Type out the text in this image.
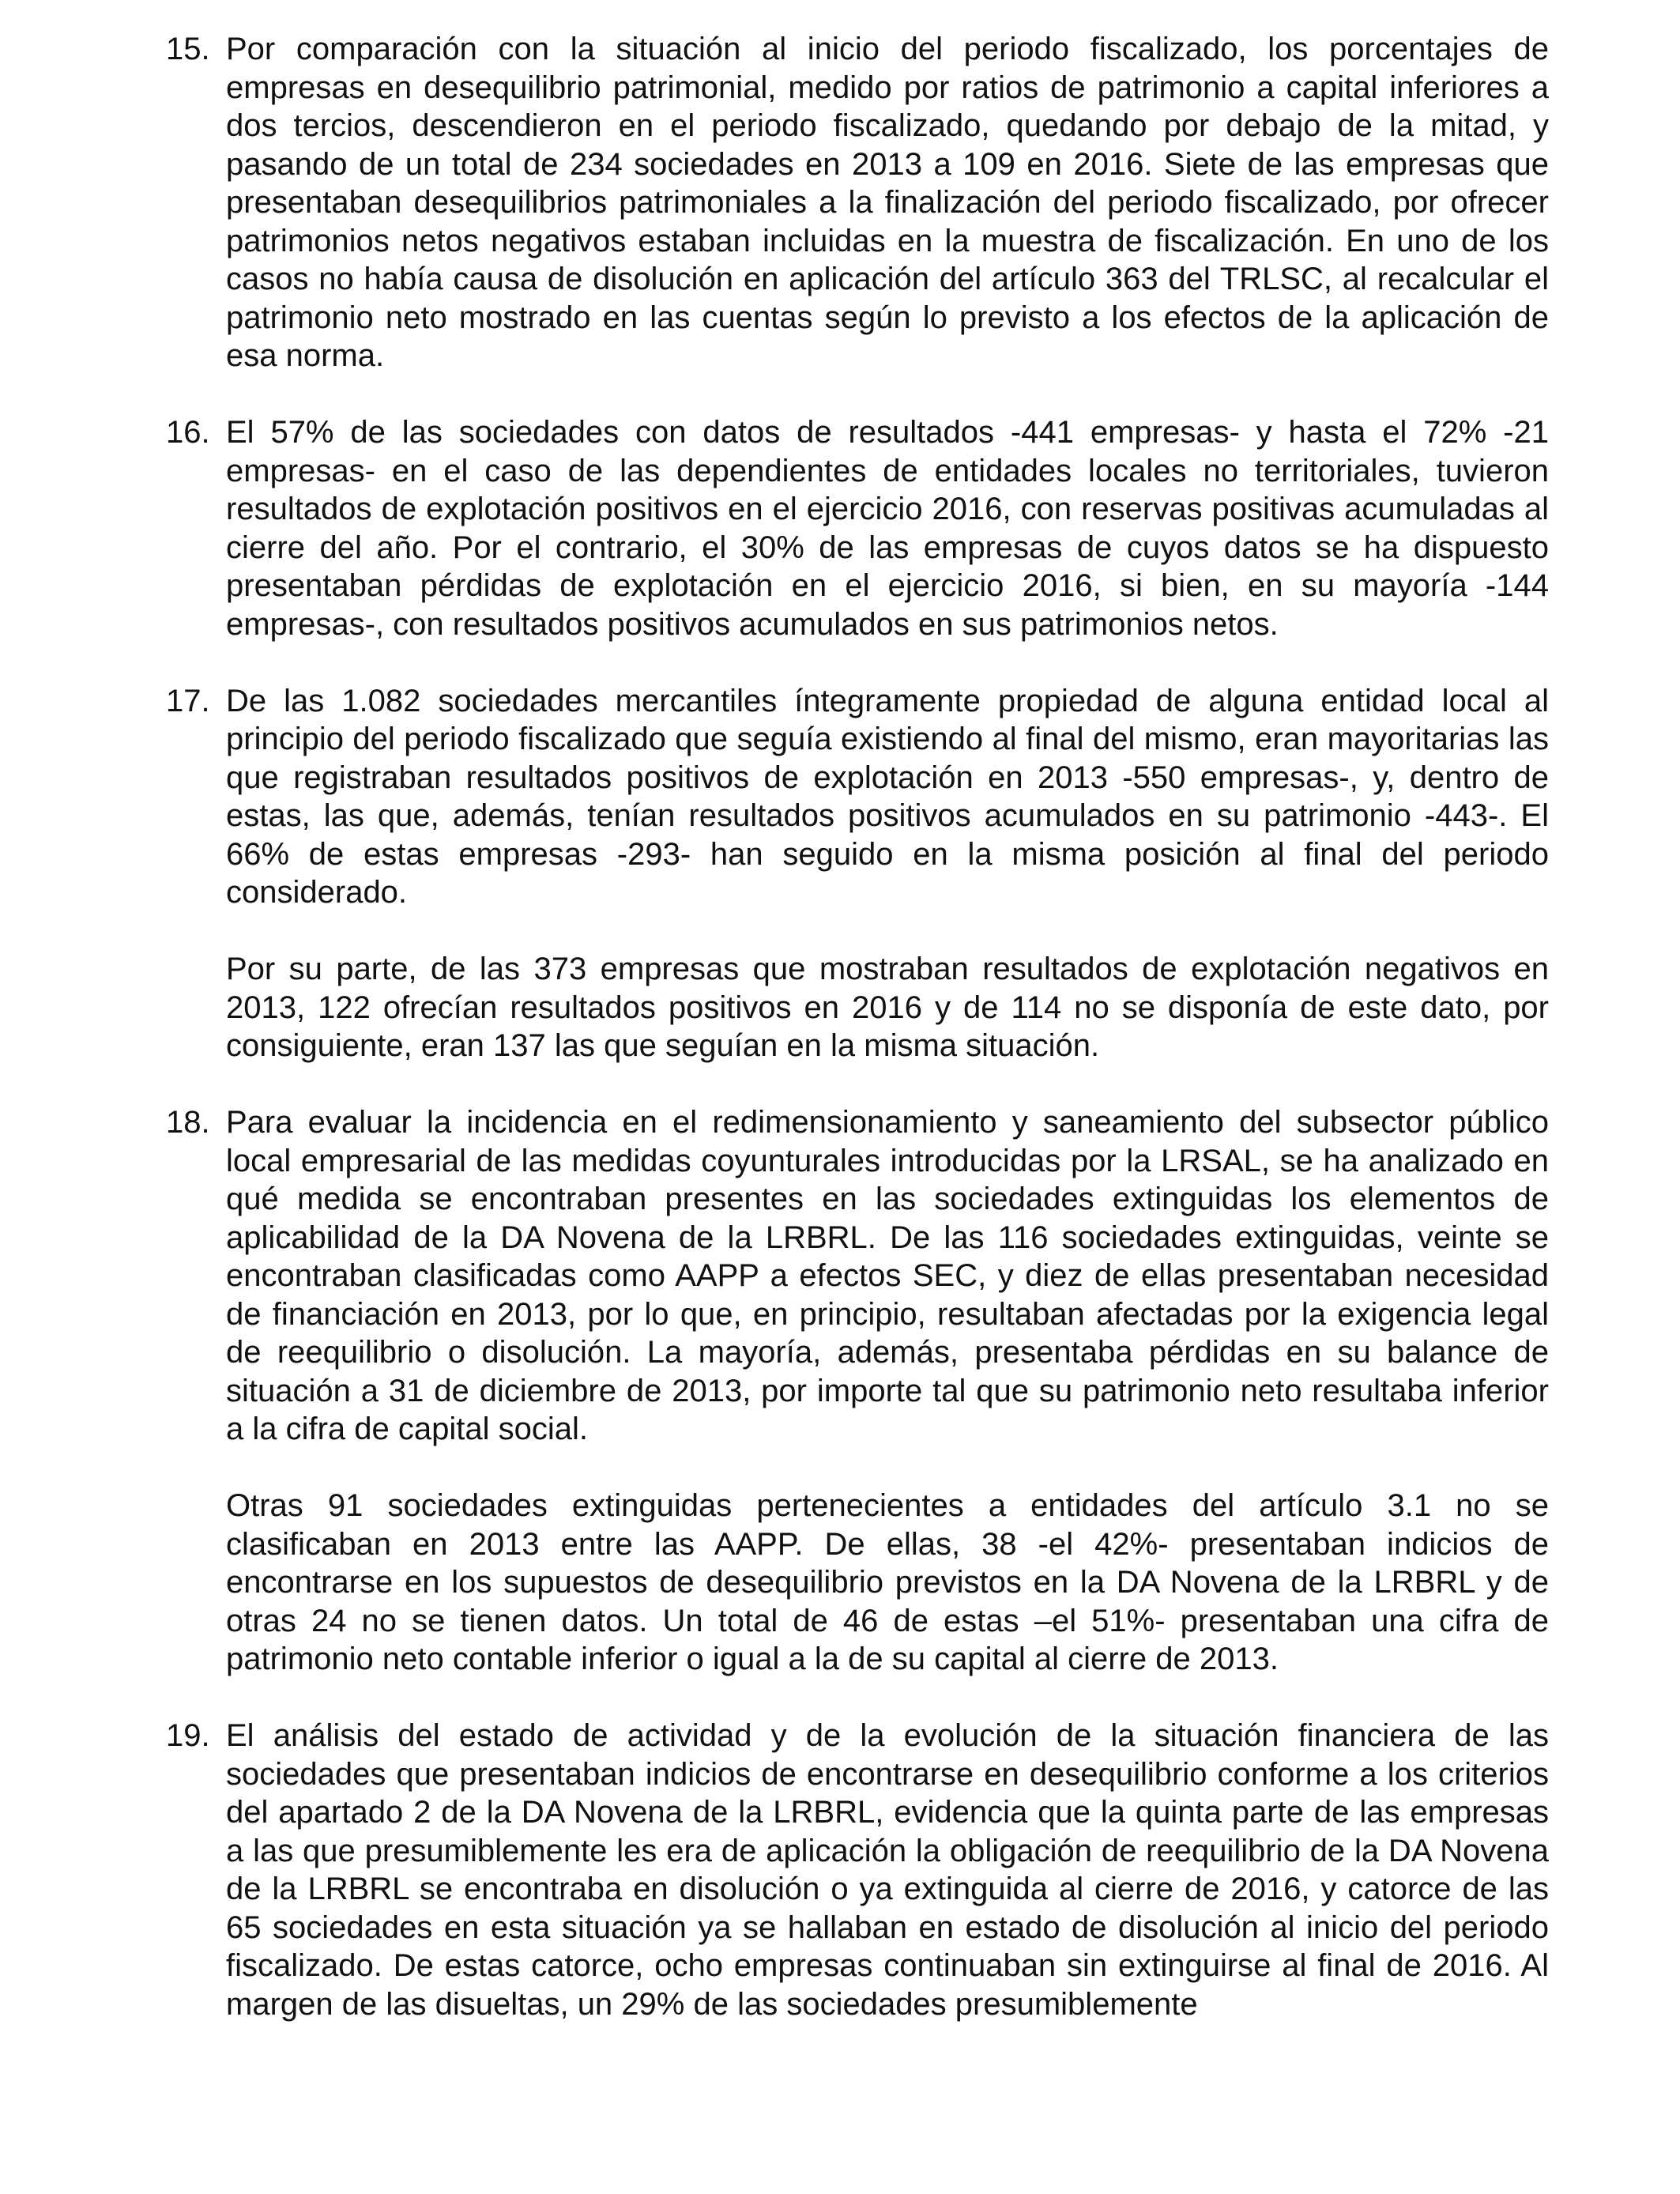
15. Por comparación con la situación al inicio del periodo fiscalizado, los porcentajes de empresas en desequilibrio patrimonial, medido por ratios de patrimonio a capital inferiores a dos tercios, descendieron en el periodo fiscalizado, quedando por debajo de la mitad, y pasando de un total de 234 sociedades en 2013 a 109 en 2016. Siete de las empresas que presentaban desequilibrios patrimoniales a la finalización del periodo fiscalizado, por ofrecer patrimonios netos negativos estaban incluidas en la muestra de fiscalización. En uno de los casos no había causa de disolución en aplicación del artículo 363 del TRLSC, al recalcular el patrimonio neto mostrado en las cuentas según lo previsto a los efectos de la aplicación de esa norma.

16. El 57% de las sociedades con datos de resultados -441 empresas- y hasta el 72% -21 empresas- en el caso de las dependientes de entidades locales no territoriales, tuvieron resultados de explotación positivos en el ejercicio 2016, con reservas positivas acumuladas al cierre del año. Por el contrario, el 30% de las empresas de cuyos datos se ha dispuesto presentaban pérdidas de explotación en el ejercicio 2016, si bien, en su mayoría -144 empresas-, con resultados positivos acumulados en sus patrimonios netos.

17. De las 1.082 sociedades mercantiles íntegramente propiedad de alguna entidad local al principio del periodo fiscalizado que seguía existiendo al final del mismo, eran mayoritarias las que registraban resultados positivos de explotación en 2013 -550 empresas-, y, dentro de estas, las que, además, tenían resultados positivos acumulados en su patrimonio -443-. El 66% de estas empresas -293- han seguido en la misma posición al final del periodo considerado.

Por su parte, de las 373 empresas que mostraban resultados de explotación negativos en 2013, 122 ofrecían resultados positivos en 2016 y de 114 no se disponía de este dato, por consiguiente, eran 137 las que seguían en la misma situación.

18. Para evaluar la incidencia en el redimensionamiento y saneamiento del subsector público local empresarial de las medidas coyunturales introducidas por la LRSAL, se ha analizado en qué medida se encontraban presentes en las sociedades extinguidas los elementos de aplicabilidad de la DA Novena de la LRBRL. De las 116 sociedades extinguidas, veinte se encontraban clasificadas como AAPP a efectos SEC, y diez de ellas presentaban necesidad de financiación en 2013, por lo que, en principio, resultaban afectadas por la exigencia legal de reequilibrio o disolución. La mayoría, además, presentaba pérdidas en su balance de situación a 31 de diciembre de 2013, por importe tal que su patrimonio neto resultaba inferior a la cifra de capital social.

Otras 91 sociedades extinguidas pertenecientes a entidades del artículo 3.1 no se clasificaban en 2013 entre las AAPP. De ellas, 38 -el 42%- presentaban indicios de encontrarse en los supuestos de desequilibrio previstos en la DA Novena de la LRBRL y de otras 24 no se tienen datos. Un total de 46 de estas –el 51%- presentaban una cifra de patrimonio neto contable inferior o igual a la de su capital al cierre de 2013.

19. El análisis del estado de actividad y de la evolución de la situación financiera de las sociedades que presentaban indicios de encontrarse en desequilibrio conforme a los criterios del apartado 2 de la DA Novena de la LRBRL, evidencia que la quinta parte de las empresas a las que presumiblemente les era de aplicación la obligación de reequilibrio de la DA Novena de la LRBRL se encontraba en disolución o ya extinguida al cierre de 2016, y catorce de las 65 sociedades en esta situación ya se hallaban en estado de disolución al inicio del periodo fiscalizado. De estas catorce, ocho empresas continuaban sin extinguirse al final de 2016. Al margen de las disueltas, un 29% de las sociedades presumiblemente
